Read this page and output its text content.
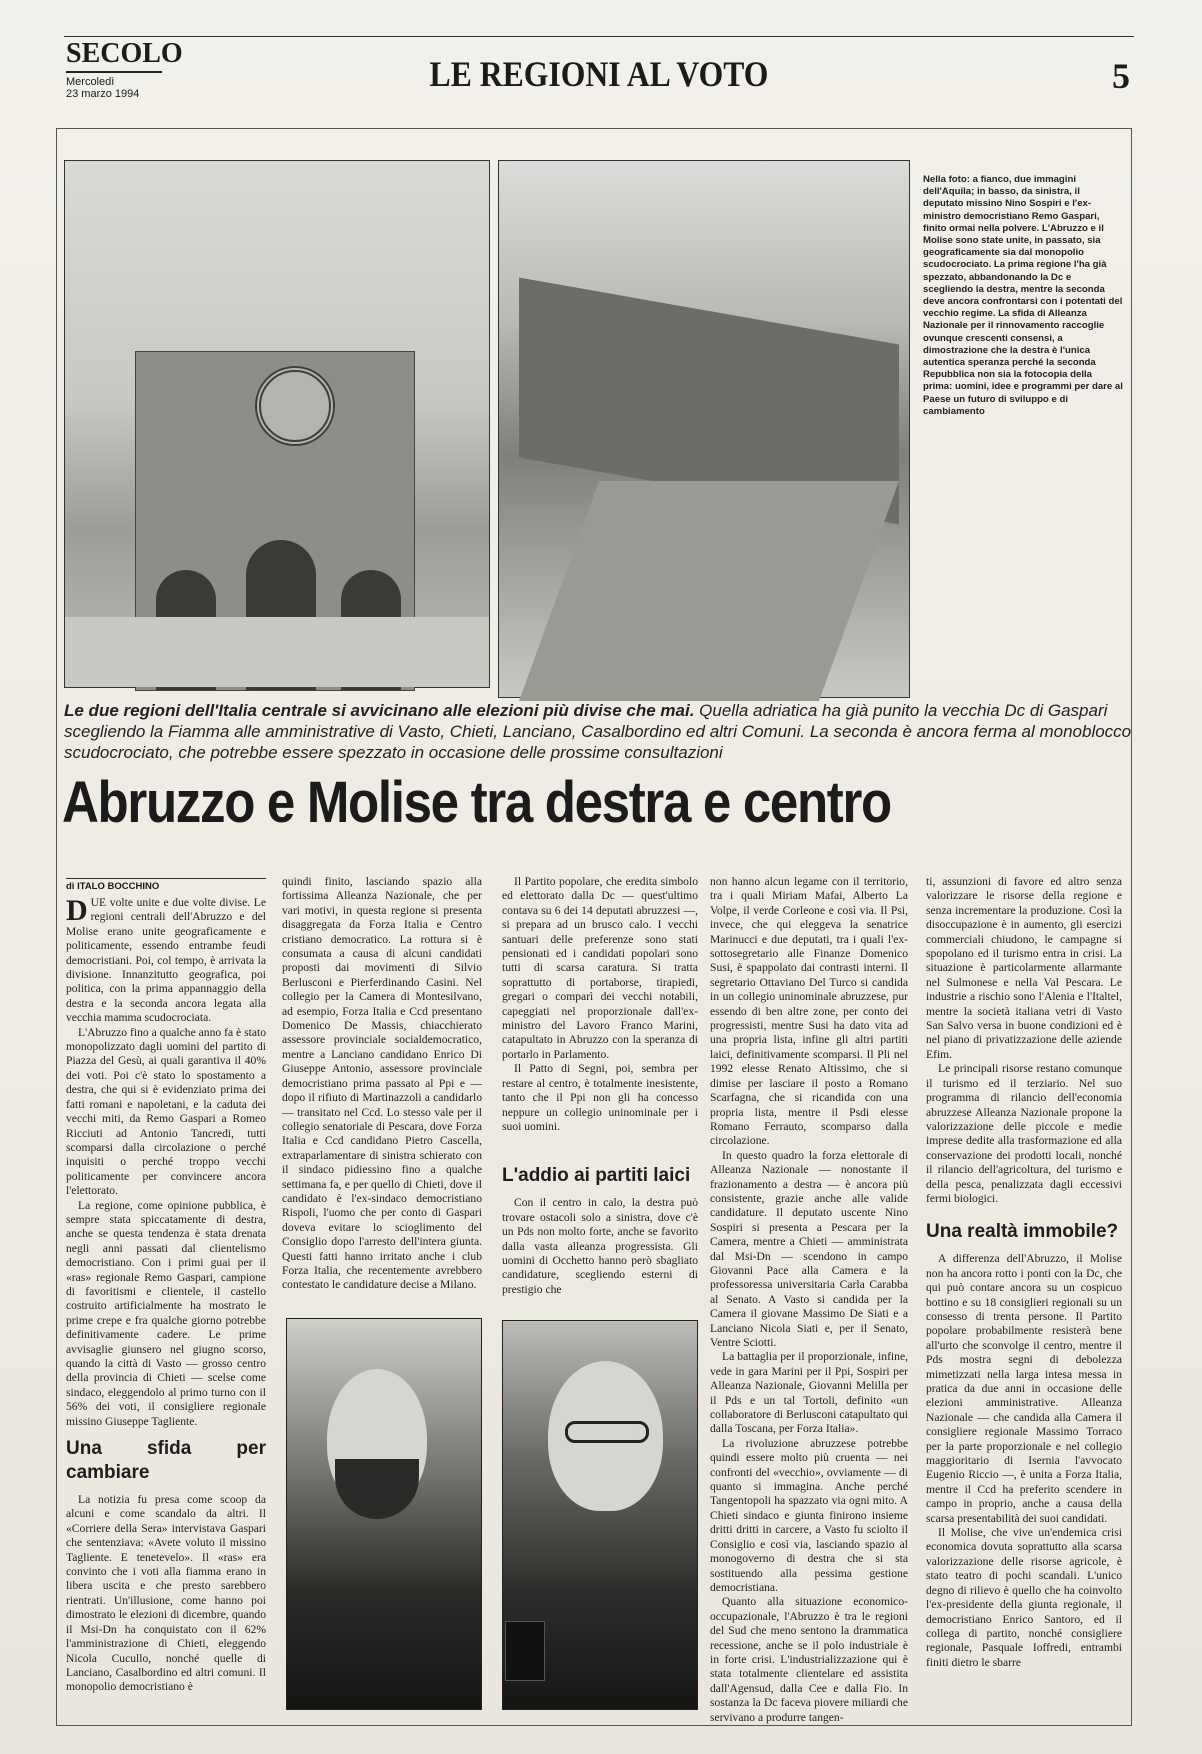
SECOLO
Mercoledì
23 marzo 1994	LE REGIONI AL VOTO	5
Nella foto: a fianco, due immagini dell'Aquila; in basso, da sinistra, il deputato missino Nino Sospiri e l'ex-ministro democristiano Remo Gaspari, finito ormai nella polvere. L'Abruzzo e il Molise sono state unite, in passato, sia geograficamente sia dal monopolio scudocrociato. La prima regione l'ha già spezzato, abbandonando la Dc e scegliendo la destra, mentre la seconda deve ancora confrontarsi con i potentati del vecchio regime. La sfida di Alleanza Nazionale per il rinnovamento raccoglie ovunque crescenti consensi, a dimostrazione che la destra è l'unica autentica speranza perché la seconda Repubblica non sia la fotocopia della prima: uomini, idee e programmi per dare al Paese un futuro di sviluppo e di cambiamento
Le due regioni dell'Italia centrale si avvicinano alle elezioni più divise che mai. Quella adriatica ha già punito la vecchia Dc di Gaspari scegliendo la Fiamma alle amministrative di Vasto, Chieti, Lanciano, Casalbordino ed altri Comuni. La seconda è ancora ferma al monoblocco scudocrociato, che potrebbe essere spezzato in occasione delle prossime consultazioni
Abruzzo e Molise tra destra e centro
di ITALO BOCCHINO

DUE volte unite e due volte divise. Le regioni centrali dell'Abruzzo e del Molise erano unite geograficamente e politicamente, essendo entrambe feudi democristiani. Poi, col tempo, è arrivata la divisione. Innanzitutto geografica, poi politica, con la prima appannaggio della destra e la seconda ancora legata alla vecchia mamma scudocrociata.

L'Abruzzo fino a qualche anno fa è stato monopolizzato dagli uomini del partito di Piazza del Gesù, ai quali garantiva il 40% dei voti. Poi c'è stato lo spostamento a destra, che qui si è evidenziato prima dei fatti romani e napoletani, e la caduta dei vecchi miti, da Remo Gaspari a Romeo Ricciuti ad Antonio Tancredi, tutti scomparsi dalla circolazione o perché inquisiti o perché troppo vecchi politicamente per convincere ancora l'elettorato.

La regione, come opinione pubblica, è sempre stata spiccatamente di destra, anche se questa tendenza è stata drenata negli anni passati dal clientelismo democristiano. Con i primi guai per il «ras» regionale Remo Gaspari, campione di favoritismi e clientele, il castello costruito artificialmente ha mostrato le prime crepe e fra qualche giorno potrebbe definitivamente cadere. Le prime avvisaglie giunsero nel giugno scorso, quando la città di Vasto — grosso centro della provincia di Chieti — scelse come sindaco, eleggendolo al primo turno con il 56% dei voti, il consigliere regionale missino Giuseppe Tagliente.

Una sfida per cambiare

La notizia fu presa come scoop da alcuni e come scandalo da altri. Il «Corriere della Sera» intervistava Gaspari che sentenziava: «Avete voluto il missino Tagliente. E tenetevelo». Il «ras» era convinto che i voti alla fiamma erano in libera uscita e che presto sarebbero rientrati. Un'illusione, come hanno poi dimostrato le elezioni di dicembre, quando il Msi-Dn ha conquistato con il 62% l'amministrazione di Chieti, eleggendo Nicola Cucullo, nonché quelle di Lanciano, Casalbordino ed altri comuni. Il monopolio democristiano è

quindi finito, lasciando spazio alla fortissima Alleanza Nazionale, che per vari motivi, in questa regione si presenta disaggregata da Forza Italia e Centro cristiano democratico. La rottura si è consumata a causa di alcuni candidati proposti dai movimenti di Silvio Berlusconi e Pierferdinando Casini. Nel collegio per la Camera di Montesilvano, ad esempio, Forza Italia e Ccd presentano Domenico De Massis, chiacchierato assessore provinciale socialdemocratico, mentre a Lanciano candidano Enrico Di Giuseppe Antonio, assessore provinciale democristiano prima passato al Ppi e — dopo il rifiuto di Martinazzoli a candidarlo — transitato nel Ccd. Lo stesso vale per il collegio senatoriale di Pescara, dove Forza Italia e Ccd candidano Pietro Cascella, extraparlamentare di sinistra schierato con il sindaco pidiessino fino a qualche settimana fa, e per quello di Chieti, dove il candidato è l'ex-sindaco democristiano Rispoli, l'uomo che per conto di Gaspari doveva evitare lo scioglimento del Consiglio dopo l'arresto dell'intera giunta. Questi fatti hanno irritato anche i club Forza Italia, che recentemente avrebbero contestato le candidature decise a Milano.

Il Partito popolare, che eredita simbolo ed elettorato dalla Dc — quest'ultimo contava su 6 dei 14 deputati abruzzesi —, si prepara ad un brusco calo. I vecchi santuari delle preferenze sono stati pensionati ed i candidati popolari sono tutti di scarsa caratura. Si tratta soprattutto di portaborse, tirapiedi, gregari o comparì dei vecchi notabili, capeggiati nel proporzionale dall'ex-ministro del Lavoro Franco Marini, catapultato in Abruzzo con la speranza di portarlo in Parlamento.

Il Patto di Segni, poi, sembra per restare al centro, è totalmente inesistente, tanto che il Ppi non gli ha concesso neppure un collegio uninominale per i suoi uomini.

L'addio ai partiti laici

Con il centro in calo, la destra può trovare ostacoli solo a sinistra, dove c'è un Pds non molto forte, anche se favorito dalla vasta alleanza progressista. Gli uomini di Occhetto hanno però sbagliato candidature, scegliendo esterni di prestigio che

non hanno alcun legame con il territorio, tra i quali Miriam Mafai, Alberto La Volpe, il verde Corleone e così via. Il Psi, invece, che qui eleggeva la senatrice Marinucci e due deputati, tra i quali l'ex-sottosegretario alle Finanze Domenico Susi, è spappolato dai contrasti interni. Il segretario Ottaviano Del Turco si candida in un collegio uninominale abruzzese, pur essendo di ben altre zone, per conto dei progressisti, mentre Susi ha dato vita ad una propria lista, infine gli altri partiti laici, definitivamente scomparsi. Il Pli nel 1992 elesse Renato Altissimo, che si dimise per lasciare il posto a Romano Scarfagna, che si ricandida con una propria lista, mentre il Psdi elesse Romano Ferrauto, scomparso dalla circolazione.

In questo quadro la forza elettorale di Alleanza Nazionale — nonostante il frazionamento a destra — è ancora più consistente, grazie anche alle valide candidature. Il deputato uscente Nino Sospiri si presenta a Pescara per la Camera, mentre a Chieti — amministrata dal Msi-Dn — scendono in campo Giovanni Pace alla Camera e la professoressa universitaria Carla Carabba al Senato. A Vasto si candida per la Camera il giovane Massimo De Siati e a Lanciano Nicola Siati e, per il Senato, Ventre Sciotti.

La battaglia per il proporzionale, infine, vede in gara Marini per il Ppi, Sospiri per Alleanza Nazionale, Giovanni Melilla per il Pds e un tal Tortoli, definito «un collaboratore di Berlusconi catapultato qui dalla Toscana, per Forza Italia».

La rivoluzione abruzzese potrebbe quindi essere molto più cruenta — nei confronti del «vecchio», ovviamente — di quanto si immagina. Anche perché Tangentopoli ha spazzato via ogni mito. A Chieti sindaco e giunta finirono insieme dritti dritti in carcere, a Vasto fu sciolto il Consiglio e così via, lasciando spazio al monogoverno di destra che si sta sostituendo alla pessima gestione democristiana.

Quanto alla situazione economico-occupazionale, l'Abruzzo è tra le regioni del Sud che meno sentono la drammatica recessione, anche se il polo industriale è in forte crisi. L'industrializzazione qui è stata totalmente clientelare ed assistita dall'Agensud, dalla Cee e dalla Fio. In sostanza la Dc faceva piovere miliardi che servivano a produrre tangen-

ti, assunzioni di favore ed altro senza valorizzare le risorse della regione e senza incrementare la produzione. Così la disoccupazione è in aumento, gli esercizi commerciali chiudono, le campagne si spopolano ed il turismo entra in crisi. La situazione è particolarmente allarmante nel Sulmonese e nella Val Pescara. Le industrie a rischio sono l'Alenia e l'Italtel, mentre la società italiana vetri di Vasto San Salvo versa in buone condizioni ed è nel piano di privatizzazione delle aziende Efim.

Le principali risorse restano comunque il turismo ed il terziario. Nel suo programma di rilancio dell'economia abruzzese Alleanza Nazionale propone la valorizzazione delle piccole e medie imprese dedite alla trasformazione ed alla conservazione dei prodotti locali, nonché il rilancio dell'agricoltura, del turismo e della pesca, penalizzata dagli eccessivi fermi biologici.

Una realtà immobile?

A differenza dell'Abruzzo, il Molise non ha ancora rotto i ponti con la Dc, che qui può contare ancora su un cospicuo bottino e su 18 consiglieri regionali su un consesso di trenta persone. Il Partito popolare probabilmente resisterà bene all'urto che sconvolge il centro, mentre il Pds mostra segni di debolezza mimetizzati nella larga intesa messa in pratica da due anni in occasione delle elezioni amministrative. Alleanza Nazionale — che candida alla Camera il consigliere regionale Massimo Torraco per la parte proporzionale e nel collegio maggioritario di Isernia l'avvocato Eugenio Riccio —, è unita a Forza Italia, mentre il Ccd ha preferito scendere in campo in proprio, anche a causa della scarsa presentabilità dei suoi candidati.

Il Molise, che vive un'endemica crisi economica dovuta soprattutto alla scarsa valorizzazione delle risorse agricole, è stato teatro di pochi scandali. L'unico degno di rilievo è quello che ha coinvolto l'ex-presidente della giunta regionale, il democristiano Enrico Santoro, ed il collega di partito, nonché consigliere regionale, Pasquale Ioffredi, entrambi finiti dietro le sbarre
